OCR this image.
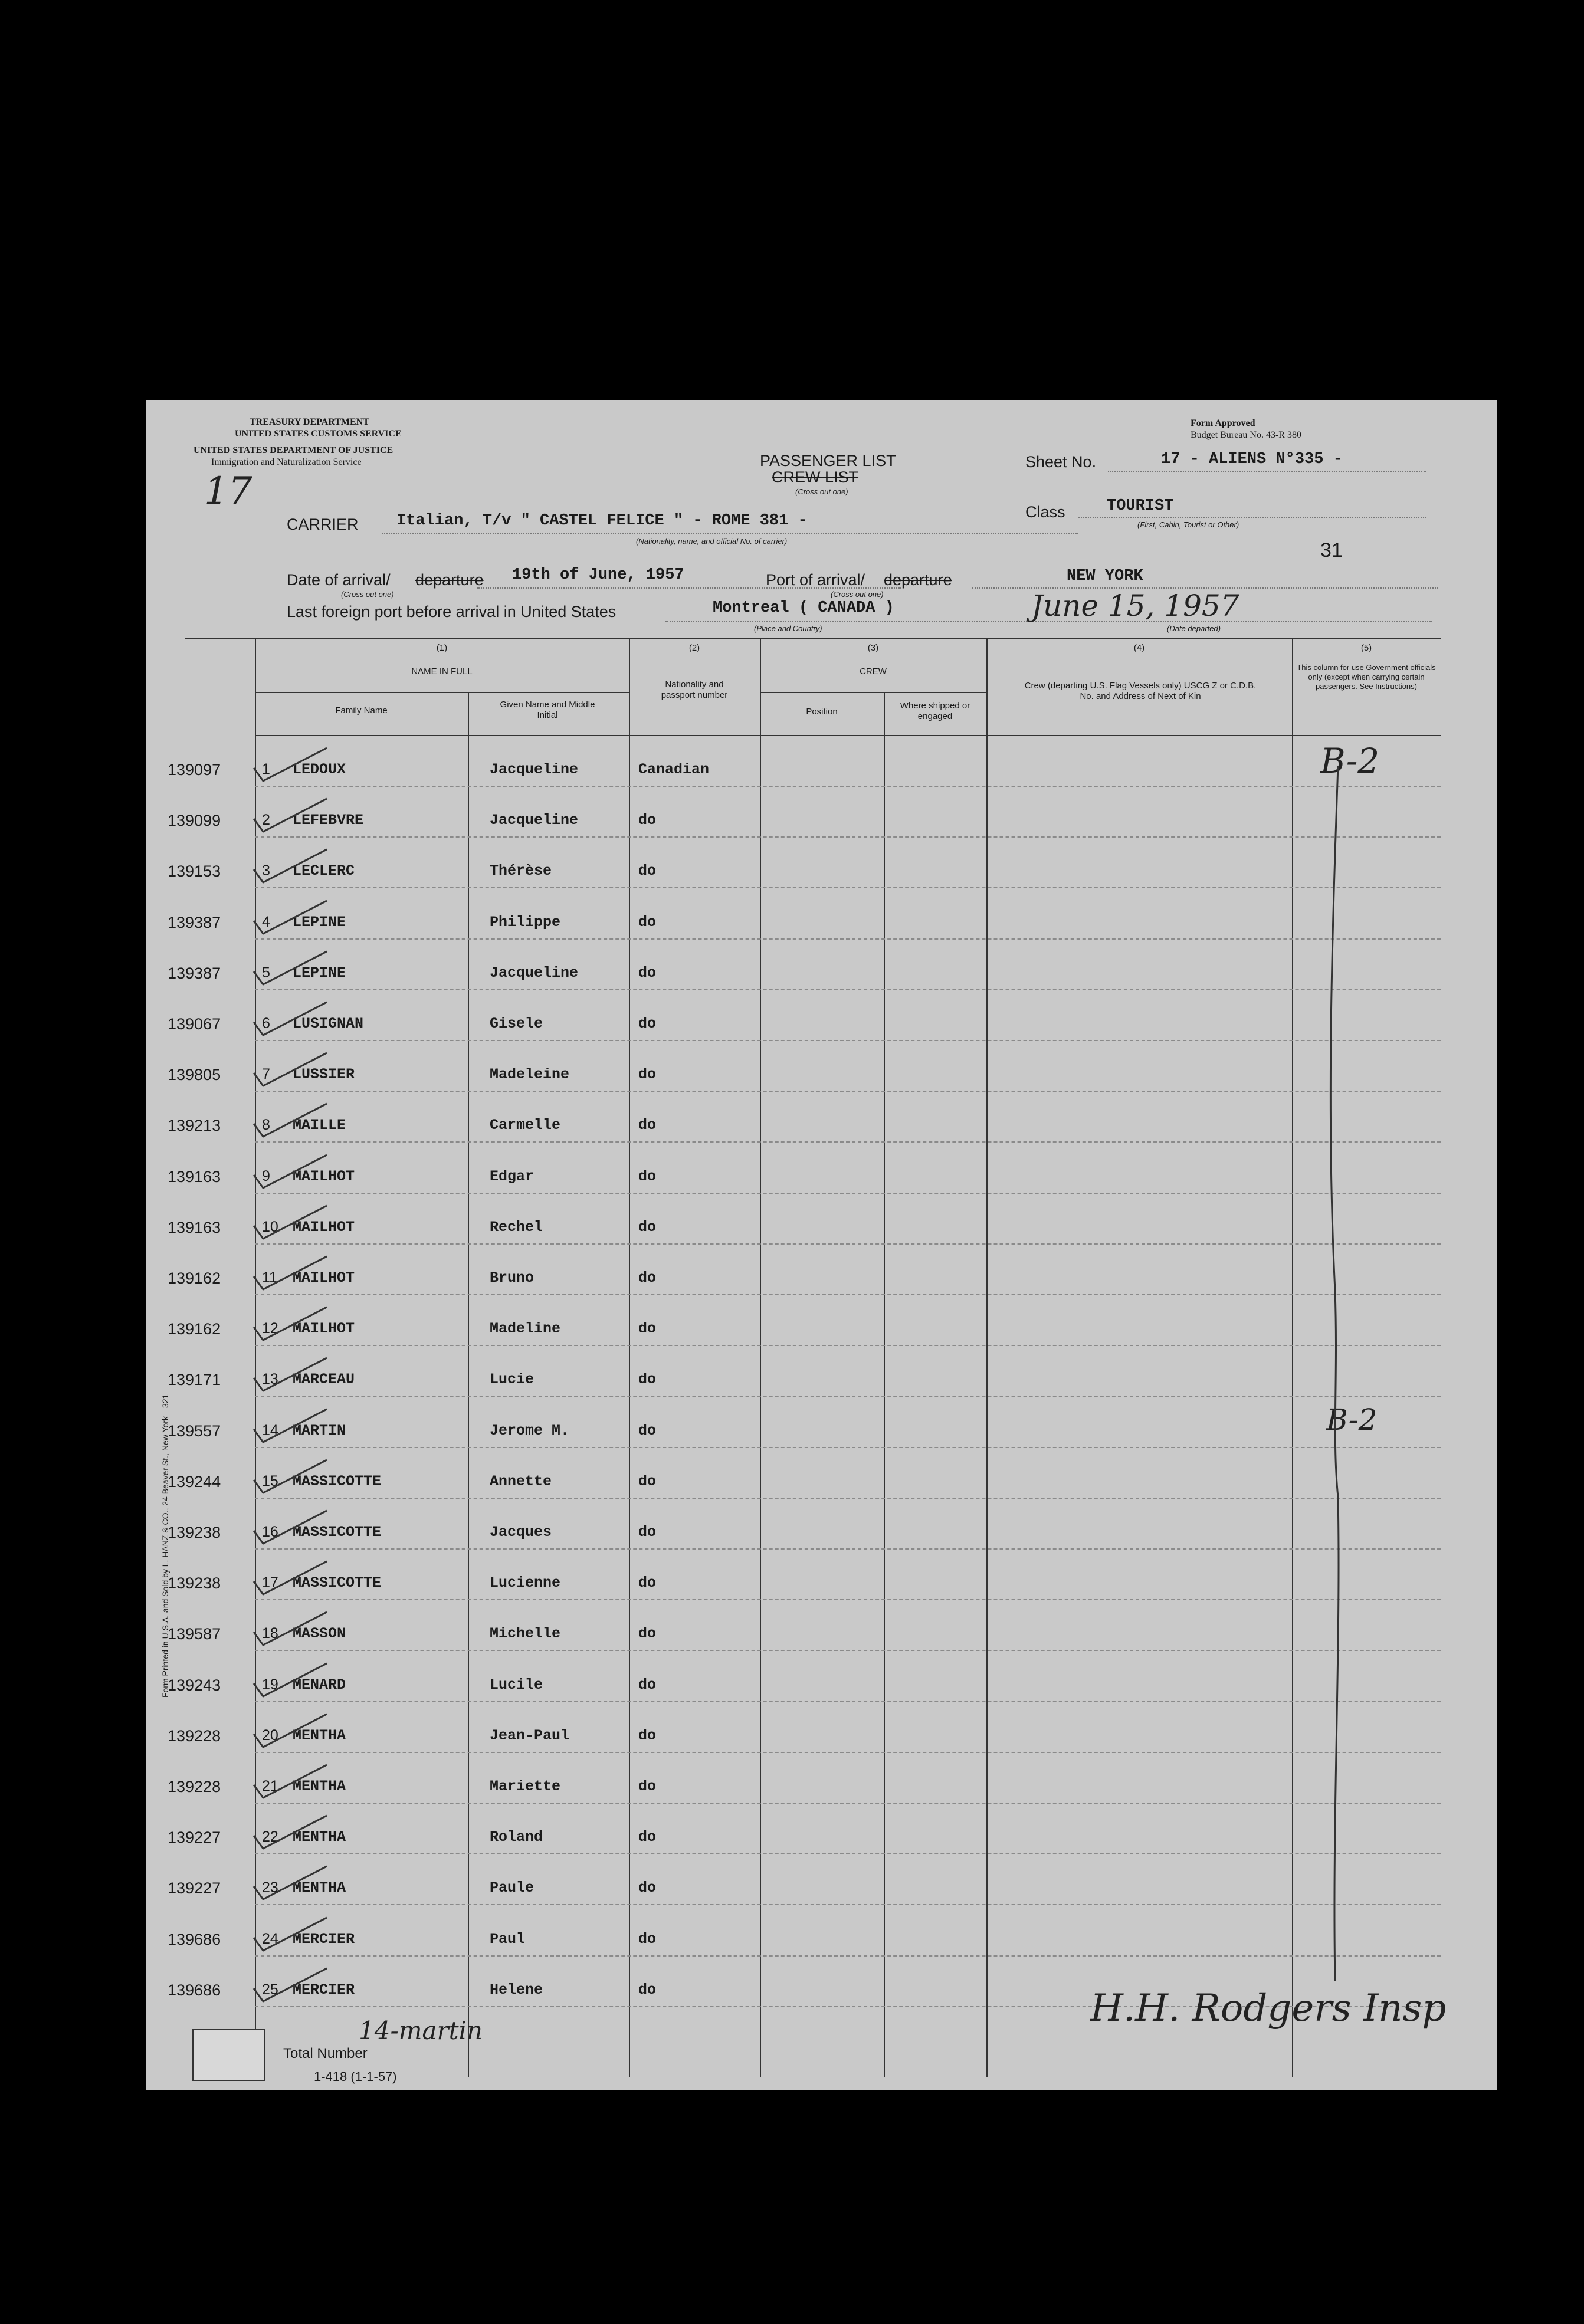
TREASURY DEPARTMENT
UNITED STATES CUSTOMS SERVICE
UNITED STATES DEPARTMENT OF JUSTICE
Immigration and Naturalization Service
Form Approved
Budget Bureau No. 43-R 380
17
PASSENGER LIST
CREW LIST
(Cross out one)
Sheet No.	17 - ALIENS N°335 -
Class	TOURIST
(First, Cabin, Tourist or Other)
31
CARRIER Italian, T/v " CASTEL FELICE " - ROME 381 -
(Nationality, name, and official No. of carrier)
Date of arrival/ departure
(Cross out one)
19th of June, 1957	Port of arrival/ departure
(Cross out one)
NEW YORK
Last foreign port before arrival in United States	Montreal ( CANADA )
(Place and Country)
June 15, 1957
(Date departed)
(1)
NAME IN FULL
Family Name
Given Name and Middle Initial
(2)
Nationality and passport number
(3)
CREW
Position
Where shipped or engaged
(4)
Crew (departing U.S. Flag Vessels only) USCG Z or C.D.B. No. and Address of Next of Kin
(5)
This column for use Government officials only (except when carrying certain passengers. See Instructions)
139097	1 LEDOUX	Jacqueline	Canadian
139099	2 LEFEBVRE	Jacqueline	do
139153	3 LECLERC	Thérèse	do
139387	4 LEPINE	Philippe	do
139387	5 LEPINE	Jacqueline	do
139067	6 LUSIGNAN	Gisele	do
139805	7 LUSSIER	Madeleine	do
139213	8 MAILLE	Carmelle	do
139163	9 MAILHOT	Edgar	do
139163	10 MAILHOT	Rechel	do
139162	11 MAILHOT	Bruno	do
139162	12 MAILHOT	Madeline	do
139171	13 MARCEAU	Lucie	do
139557	14 MARTIN	Jerome M.	do
139244	15 MASSICOTTE	Annette	do
139238	16 MASSICOTTE	Jacques	do
139238	17 MASSICOTTE	Lucienne	do
139587	18 MASSON	Michelle	do
139243	19 MENARD	Lucile	do
139228	20 MENTHA	Jean-Paul	do
139228	21 MENTHA	Mariette	do
139227	22 MENTHA	Roland	do
139227	23 MENTHA	Paule	do
139686	24 MERCIER	Paul	do
139686	25 MERCIER	Helene	do
B-2
B-2
H.H. Rodgers Insp
Total Number
14-martin
1-418 (1-1-57)
Form Printed in U.S.A. and Sold by L. HANZ & CO., 24 Beaver St., New York—321
